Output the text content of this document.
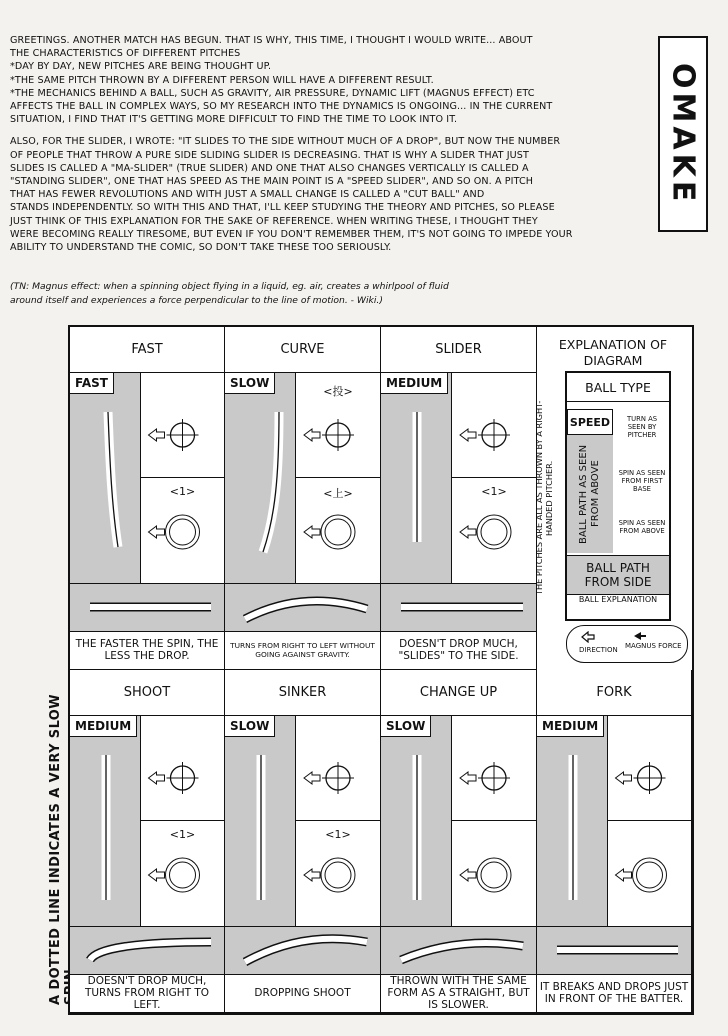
GREETINGS. ANOTHER MATCH HAS BEGUN. THAT IS WHY, THIS TIME, I THOUGHT I WOULD WRITE... ABOUT
THE CHARACTERISTICS OF DIFFERENT PITCHES
*DAY BY DAY, NEW PITCHES ARE BEING THOUGHT UP.
*THE SAME PITCH THROWN BY A DIFFERENT PERSON WILL HAVE A DIFFERENT RESULT.
*THE MECHANICS BEHIND A BALL, SUCH AS GRAVITY, AIR PRESSURE, DYNAMIC LIFT (MAGNUS EFFECT) ETC
AFFECTS THE BALL IN COMPLEX WAYS, SO MY RESEARCH INTO THE DYNAMICS IS ONGOING... IN THE CURRENT
SITUATION, I FIND THAT IT'S GETTING MORE DIFFICULT TO FIND THE TIME TO LOOK INTO IT.

ALSO, FOR THE SLIDER, I WROTE: "IT SLIDES TO THE SIDE WITHOUT MUCH OF A DROP", BUT NOW THE NUMBER
OF PEOPLE THAT THROW A PURE SIDE SLIDING SLIDER IS DECREASING. THAT IS WHY A SLIDER THAT JUST
SLIDES IS CALLED A "MA-SLIDER" (TRUE SLIDER) AND ONE THAT ALSO CHANGES VERTICALLY IS CALLED A
"STANDING SLIDER", ONE THAT HAS SPEED AS THE MAIN POINT IS A "SPEED SLIDER", AND SO ON. A PITCH
THAT HAS FEWER REVOLUTIONS AND WITH JUST A SMALL CHANGE IS CALLED A "CUT BALL" AND
STANDS INDEPENDENTLY. SO WITH THIS AND THAT, I'LL KEEP STUDYING THE THEORY AND PITCHES, SO PLEASE
JUST THINK OF THIS EXPLANATION FOR THE SAKE OF REFERENCE. WHEN WRITING THESE, I THOUGHT THEY
WERE BECOMING REALLY TIRESOME, BUT EVEN IF YOU DON'T REMEMBER THEM, IT'S NOT GOING TO IMPEDE YOUR
ABILITY TO UNDERSTAND THE COMIC, SO DON'T TAKE THESE TOO SERIOUSLY.

(TN: Magnus effect: when a spinning object flying in a liquid, eg. air, creates a whirlpool of fluid
around itself and experiences a force perpendicular to the line of motion. - Wiki.)
OMAKE
A DOTTED LINE INDICATES A VERY SLOW
FAST
FAST
<1>
THE FASTER THE SPIN, THE LESS THE DROP.
CURVE
SLOW
<投>
<上>
TURNS FROM RIGHT TO LEFT WITHOUT GOING AGAINST GRAVITY.
SLIDER
MEDIUM
<1>
DOESN'T DROP MUCH, "SLIDES" TO THE SIDE.
SHOOT
MEDIUM
<1>
DOESN'T DROP MUCH, TURNS FROM RIGHT TO LEFT.
SINKER
SLOW
<1>
DROPPING SHOOT
CHANGE UP
SLOW
THROWN WITH THE SAME FORM AS A STRAIGHT, BUT IS SLOWER.
FORK
MEDIUM
IT BREAKS AND DROPS JUST IN FRONT OF THE BATTER.
EXPLANATION OF DIAGRAM
THE PITCHES ARE ALL AS THROWN BY A RIGHT-HANDED PITCHER.
BALL TYPE
SPEED
BALL PATH AS SEEN FROM ABOVE
TURN AS SEEN BY PITCHER
SPIN AS SEEN FROM FIRST BASE
SPIN AS SEEN FROM ABOVE
BALL PATH FROM SIDE
BALL EXPLANATION
DIRECTION MAGNUS FORCE
